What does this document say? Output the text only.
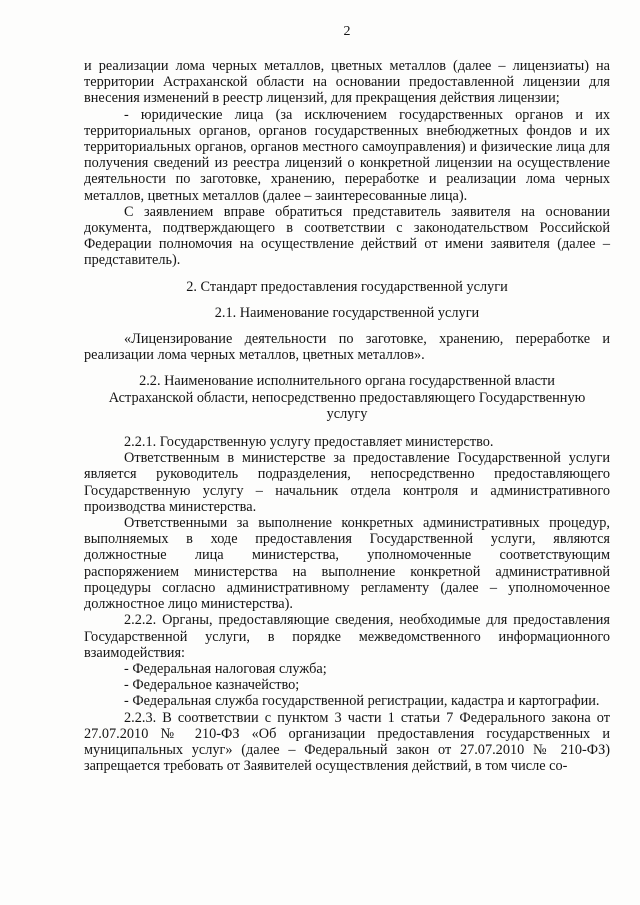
2

и реализации лома черных металлов, цветных металлов (далее – лицензиаты) на территории Астраханской области на основании предоставленной лицензии для внесения изменений в реестр лицензий, для прекращения действия лицензии;

- юридические лица (за исключением государственных органов и их территориальных органов, органов государственных внебюджетных фондов и их территориальных органов, органов местного самоуправления) и физические лица для получения сведений из реестра лицензий о конкретной лицензии на осуществление деятельности по заготовке, хранению, переработке и реализации лома черных металлов, цветных металлов (далее – заинтересованные лица).

С заявлением вправе обратиться представитель заявителя на основании документа, подтверждающего в соответствии с законодательством Российской Федерации полномочия на осуществление действий от имени заявителя (далее – представитель).

2. Стандарт предоставления государственной услуги
2.1. Наименование государственной услуги

«Лицензирование деятельности по заготовке, хранению, переработке и реализации лома черных металлов, цветных металлов».

2.2. Наименование исполнительного органа государственной власти Астраханской области, непосредственно предоставляющего Государственную услугу

2.2.1. Государственную услугу предоставляет министерство.

Ответственным в министерстве за предоставление Государственной услуги является руководитель подразделения, непосредственно предоставляющего Государственную услугу – начальник отдела контроля и административного производства министерства.

Ответственными за выполнение конкретных административных процедур, выполняемых в ходе предоставления Государственной услуги, являются должностные лица министерства, уполномоченные соответствующим распоряжением министерства на выполнение конкретной административной процедуры согласно административному регламенту (далее – уполномоченное должностное лицо министерства).

2.2.2. Органы, предоставляющие сведения, необходимые для предоставления Государственной услуги, в порядке межведомственного информационного взаимодействия:

- Федеральная налоговая служба;

- Федеральное казначейство;

- Федеральная служба государственной регистрации, кадастра и картографии.

2.2.3. В соответствии с пунктом 3 части 1 статьи 7 Федерального закона от 27.07.2010 № 210-ФЗ «Об организации предоставления государственных и муниципальных услуг» (далее – Федеральный закон от 27.07.2010 № 210-ФЗ) запрещается требовать от Заявителей осуществления действий, в том числе со-
